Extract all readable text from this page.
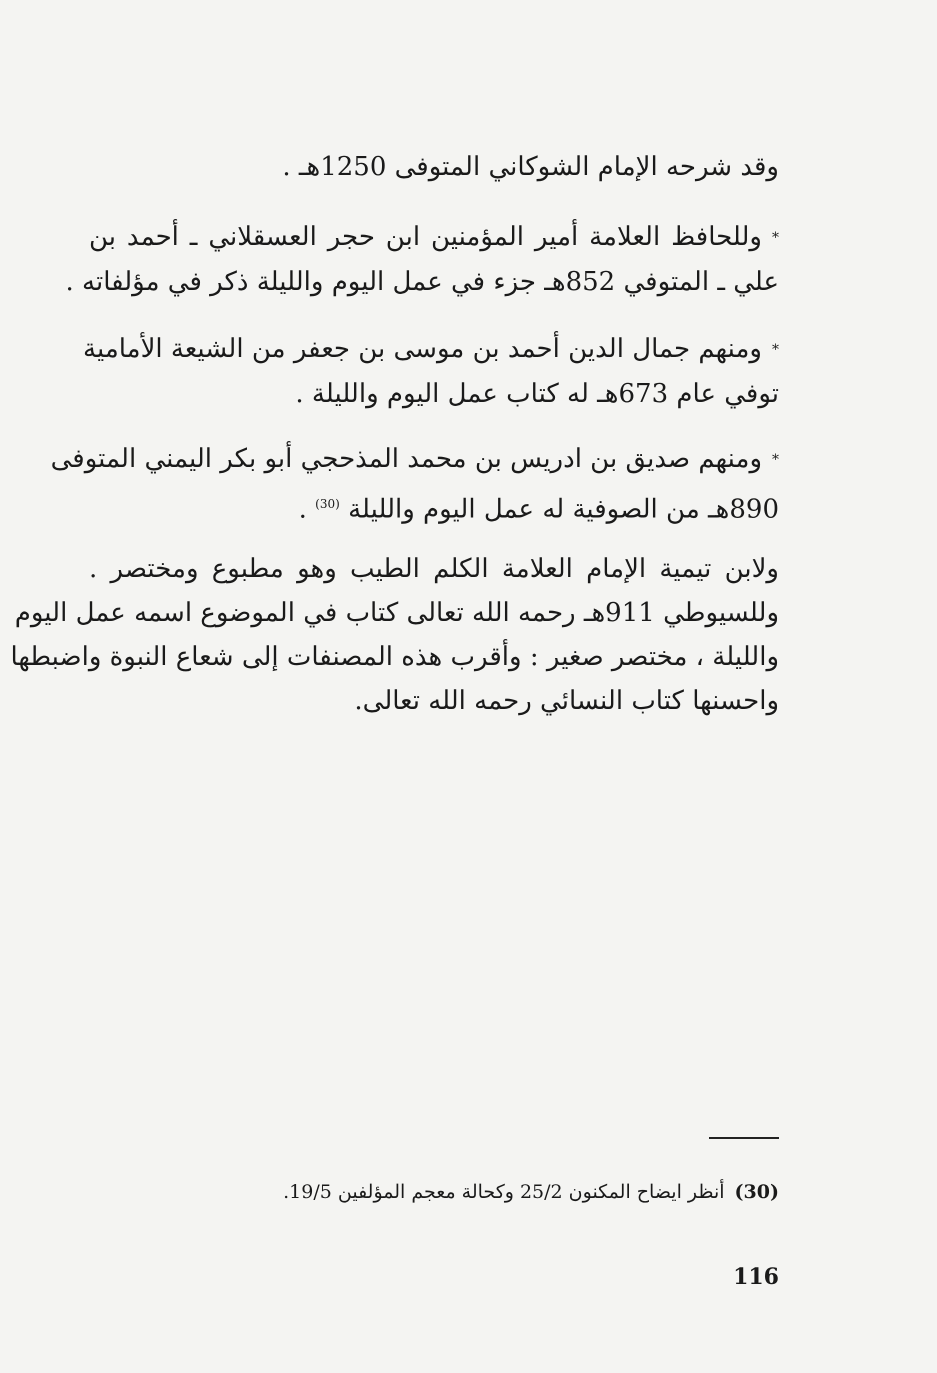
وقد شرحه الإمام الشوكاني المتوفى 1250هـ .
*وللحافظ العلامة أمير المؤمنين ابن حجر العسقلاني ـ أحمد بن
علي ـ المتوفي 852هـ جزء في عمل اليوم والليلة ذكر في مؤلفاته .
*ومنهم جمال الدين أحمد بن موسى بن جعفر من الشيعة الأمامية
توفي عام 673هـ له كتاب عمل اليوم والليلة .
*ومنهم صديق بن ادريس بن محمد المذحجي أبو بكر اليمني المتوفى
890هـ من الصوفية له عمل اليوم والليلة $^{(30)}$ .
ولابن تيمية الإمام العلامة الكلم الطيب وهو مطبوع ومختصر .
وللسيوطي 911هـ رحمه الله تعالى كتاب في الموضوع اسمه عمل اليوم
والليلة ، مختصر صغير : وأقرب هذه المصنفات إلى شعاع النبوة واضبطها
واحسنها كتاب النسائي رحمه الله تعالى.
(30)أنظر ايضاح المكنون 25/2 وكحالة معجم المؤلفين 19/5.
116
